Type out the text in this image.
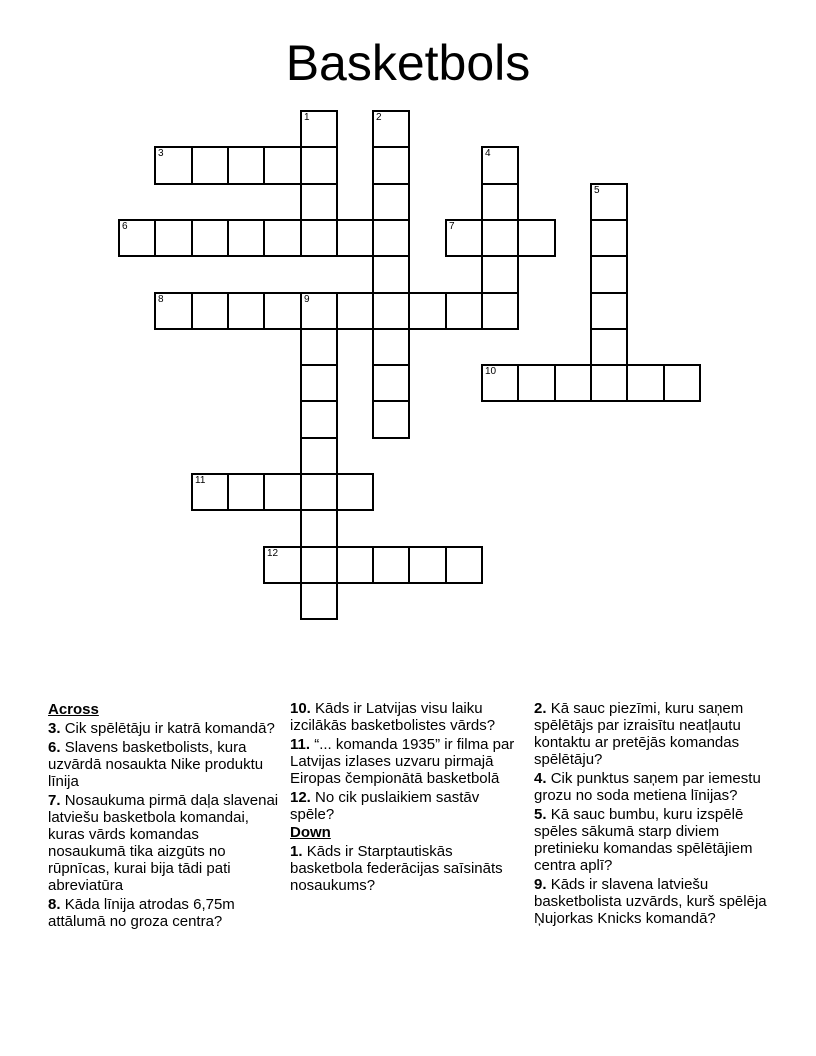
Basketbols
1	2
3	4
5
6	7
8	9
10
11
12
Across
3. Cik spēlētāju ir katrā komandā?
6. Slavens basketbolists, kura uzvārdā nosaukta Nike produktu līnija
7. Nosaukuma pirmā daļa slavenai latviešu basketbola komandai, kuras vārds komandas nosaukumā tika aizgūts no rūpnīcas, kurai bija tādi pati abreviatūra
8. Kāda līnija atrodas 6,75m attālumā no groza centra?
10. Kāds ir Latvijas visu laiku izcilākās basketbolistes vārds?
11. “... komanda 1935” ir filma par Latvijas izlases uzvaru pirmajā Eiropas čempionātā basketbolā
12. No cik puslaikiem sastāv spēle?
Down
1. Kāds ir Starptautiskās basketbola federācijas saīsināts nosaukums?
2. Kā sauc piezīmi, kuru saņem spēlētājs par izraisītu neatļautu kontaktu ar pretējās komandas spēlētāju?
4. Cik punktus saņem par iemestu grozu no soda metiena līnijas?
5. Kā sauc bumbu, kuru izspēlē spēles sākumā starp diviem pretinieku komandas spēlētājiem centra aplī?
9. Kāds ir slavena latviešu basketbolista uzvārds, kurš spēlēja Ņujorkas Knicks komandā?
